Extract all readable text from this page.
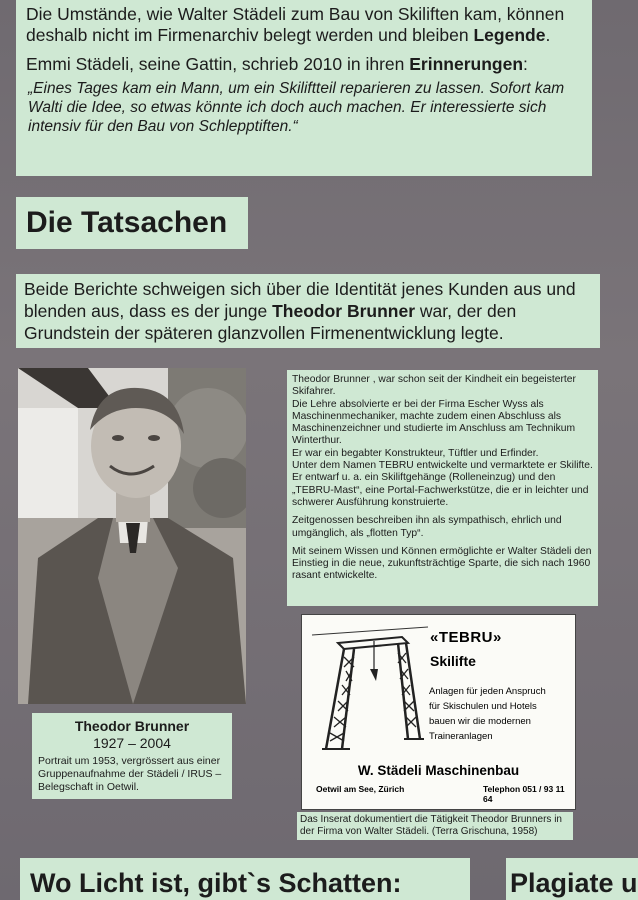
Die Umstände, wie Walter Städeli zum Bau von Skiliften kam, können deshalb nicht im Firmenarchiv belegt werden und bleiben Legende.

Emmi Städeli, seine Gattin, schrieb 2010 in ihren Erinnerungen:

„Eines Tages kam ein Mann, um ein Skiliftteil reparieren zu lassen. Sofort kam Walti die Idee, so etwas könnte ich doch auch machen. Er interessierte sich intensiv für den Bau von Schlepptiften.“

Die Tatsachen

Beide Berichte schweigen sich über die Identität jenes Kunden aus und blenden aus, dass es der junge Theodor Brunner war, der den Grundstein der späteren glanzvollen Firmenentwicklung legte.

Theodor Brunner
1927 – 2004
Portrait um 1953, vergrössert aus einer Gruppenaufnahme der Städeli / IRUS – Belegschaft in Oetwil.

Theodor Brunner , war schon seit der Kindheit ein begeisterter Skifahrer.

Die Lehre absolvierte er bei der Firma Escher Wyss als Maschinenmechaniker, machte zudem einen Abschluss als Maschinenzeichner und studierte im Anschluss am Technikum Winterthur.

Er war ein begabter Konstrukteur, Tüftler und Erfinder.

Unter dem Namen TEBRU entwickelte und vermarktete er Skilifte.

Er entwarf u. a. ein Skiliftgehänge (Rolleneinzug) und den „TEBRU-Mast“, eine Portal-Fachwerkstütze, die er in leichter und schwerer Ausführung konstruierte.

Zeitgenossen beschreiben ihn als sympathisch, ehrlich und umgänglich, als „flotten Typ“.

Mit seinem Wissen und Können ermöglichte er Walter Städeli den Einstieg in die neue, zukunftsträchtige Sparte, die sich nach 1960 rasant entwickelte.

«TEBRU»
Skilifte
Anlagen für jeden Anspruch
für Skischulen und Hotels
bauen wir die modernen
Traineranlagen
W. Städeli Maschinenbau
Oetwil am See, Zürich	Telephon 051 / 93 11 64

Das Inserat dokumentiert die Tätigkeit Theodor Brunners in der Firma von Walter Städeli. (Terra Grischuna, 1958)

Wo Licht ist, gibt`s Schatten:	Plagiate u
